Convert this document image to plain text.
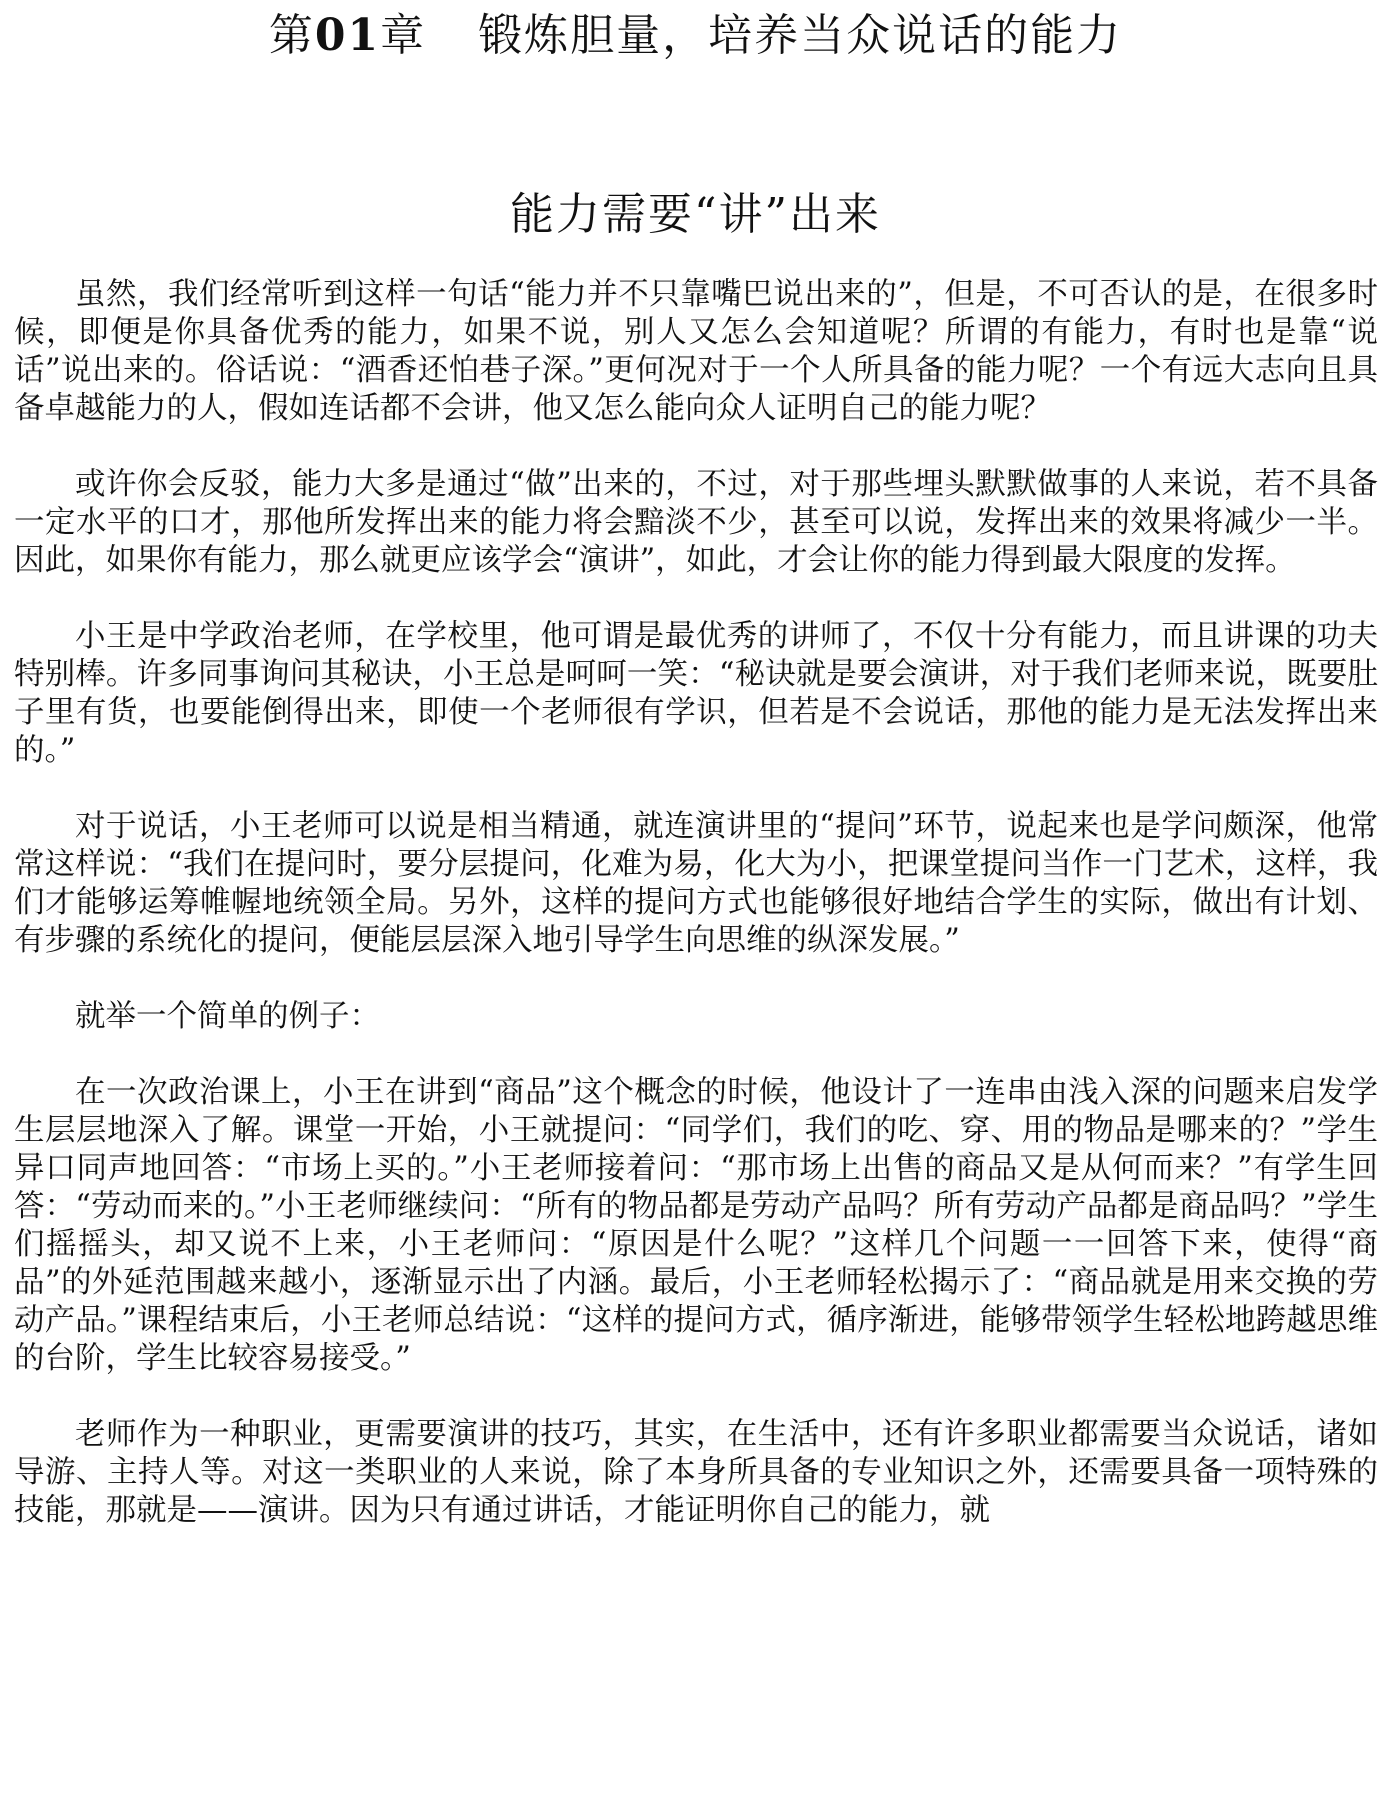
第01章 锻炼胆量，培养当众说话的能力
能力需要“讲”出来

虽然，我们经常听到这样一句话“能力并不只靠嘴巴说出来的”，但是，不可否认的是，在很多时候，即便是你具备优秀的能力，如果不说，别人又怎么会知道呢？所谓的有能力，有时也是靠“说话”说出来的。俗话说：“酒香还怕巷子深。”更何况对于一个人所具备的能力呢？一个有远大志向且具备卓越能力的人，假如连话都不会讲，他又怎么能向众人证明自己的能力呢？

或许你会反驳，能力大多是通过“做”出来的，不过，对于那些埋头默默做事的人来说，若不具备一定水平的口才，那他所发挥出来的能力将会黯淡不少，甚至可以说，发挥出来的效果将减少一半。因此，如果你有能力，那么就更应该学会“演讲”，如此，才会让你的能力得到最大限度的发挥。

小王是中学政治老师，在学校里，他可谓是最优秀的讲师了，不仅十分有能力，而且讲课的功夫特别棒。许多同事询问其秘诀，小王总是呵呵一笑：“秘诀就是要会演讲，对于我们老师来说，既要肚子里有货，也要能倒得出来，即使一个老师很有学识，但若是不会说话，那他的能力是无法发挥出来的。”

对于说话，小王老师可以说是相当精通，就连演讲里的“提问”环节，说起来也是学问颇深，他常常这样说：“我们在提问时，要分层提问，化难为易，化大为小，把课堂提问当作一门艺术，这样，我们才能够运筹帷幄地统领全局。另外，这样的提问方式也能够很好地结合学生的实际，做出有计划、有步骤的系统化的提问，便能层层深入地引导学生向思维的纵深发展。”

就举一个简单的例子：

在一次政治课上，小王在讲到“商品”这个概念的时候，他设计了一连串由浅入深的问题来启发学生层层地深入了解。课堂一开始，小王就提问：“同学们，我们的吃、穿、用的物品是哪来的？”学生异口同声地回答：“市场上买的。”小王老师接着问：“那市场上出售的商品又是从何而来？”有学生回答：“劳动而来的。”小王老师继续问：“所有的物品都是劳动产品吗？所有劳动产品都是商品吗？”学生们摇摇头，却又说不上来，小王老师问：“原因是什么呢？”这样几个问题一一回答下来，使得“商品”的外延范围越来越小，逐渐显示出了内涵。最后，小王老师轻松揭示了：“商品就是用来交换的劳动产品。”课程结束后，小王老师总结说：“这样的提问方式，循序渐进，能够带领学生轻松地跨越思维的台阶，学生比较容易接受。”

老师作为一种职业，更需要演讲的技巧，其实，在生活中，还有许多职业都需要当众说话，诸如导游、主持人等。对这一类职业的人来说，除了本身所具备的专业知识之外，还需要具备一项特殊的技能，那就是——演讲。因为只有通过讲话，才能证明你自己的能力，就
